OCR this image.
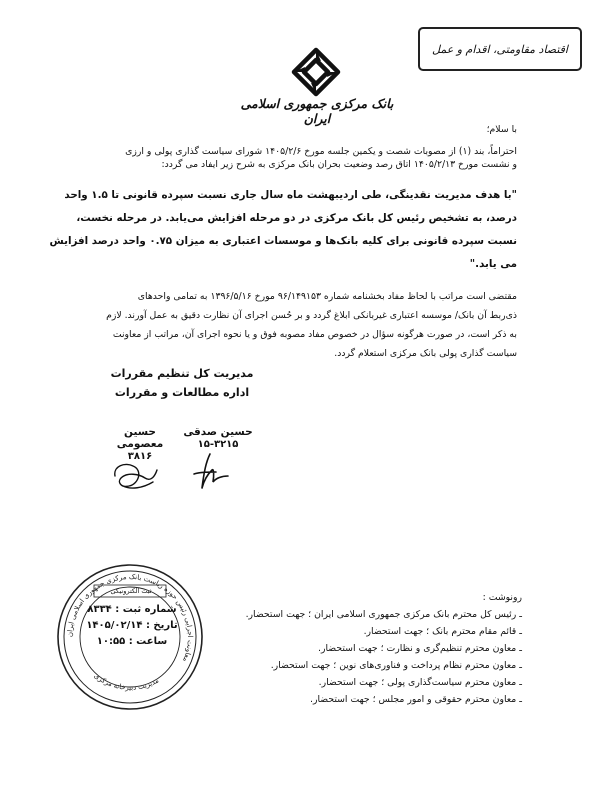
اقتصاد مقاومتی، اقدام و عمل
بانک مرکزی جمهوری اسلامی ایران
با سلام؛
احتراماً، بند (۱) از مصوبات شصت و یکمین جلسه مورخ ۱۴۰۵/۲/۶ شورای سیاست گذاری پولی و ارزی
و نشست مورخ ۱۴۰۵/۲/۱۳ اتاق رصد وضعیت بحران بانک مرکزی به شرح زیر ایفاد می گردد:
"با هدف مدیریت نقدینگی، طی اردیبهشت ماه سال جاری نسبت سپرده قانونی تا ۱.۵ واحد
درصد، به تشخیص رئیس کل بانک مرکزی در دو مرحله افزایش می‌یابد. در مرحله نخست،
نسبت سپرده قانونی برای کلیه بانک‌ها و موسسات اعتباری به میزان ۰.۷۵ واحد درصد افزایش
می یابد."
مقتضی است مراتب با لحاظ مفاد بخشنامه شماره ۹۶/۱۴۹۱۵۳ مورخ ۱۳۹۶/۵/۱۶ به تمامی واحدهای
ذی‌ربط آن بانک/ موسسه اعتباری غیربانکی ابلاغ گردد و بر حُسن اجرای آن نظارت دقیق به عمل آورند. لازم
به ذکر است، در صورت هرگونه سؤال در خصوص مفاد مصوبه فوق و یا نحوه اجرای آن، مراتب از معاونت
سیاست گذاری پولی بانک مرکزی استعلام گردد.
مدیریت کل تنظیم مقررات
اداره مطالعات و مقررات
حسین صدقی
۱۵-۳۲۱۵
حسین معصومی
۳۸۱۶
معاونت اجرایی رئیس حوزه ریاست بانک مرکزی جمهوری اسلامی ایران
مدیریت دبیرخانه مرکزی
ثبت الکترونیکی
شماره ثبت : ۸۳۳۴
تاریخ : ۱۴۰۵/۰۲/۱۴
ساعت : ۱۰:۵۵
رونوشت :
ـرئیس کل محترم بانک مرکزی جمهوری اسلامی ایران ؛ جهت استحضار.
ـقائم مقام محترم بانک ؛ جهت استحضار.
ـمعاون محترم تنظیم‌گری و نظارت ؛ جهت استحضار.
ـمعاون محترم نظام پرداخت و فناوری‌های نوین ؛ جهت استحضار.
ـمعاون محترم سیاست‌گذاری پولی ؛ جهت استحضار.
ـمعاون محترم حقوقی و امور مجلس ؛ جهت استحضار.
